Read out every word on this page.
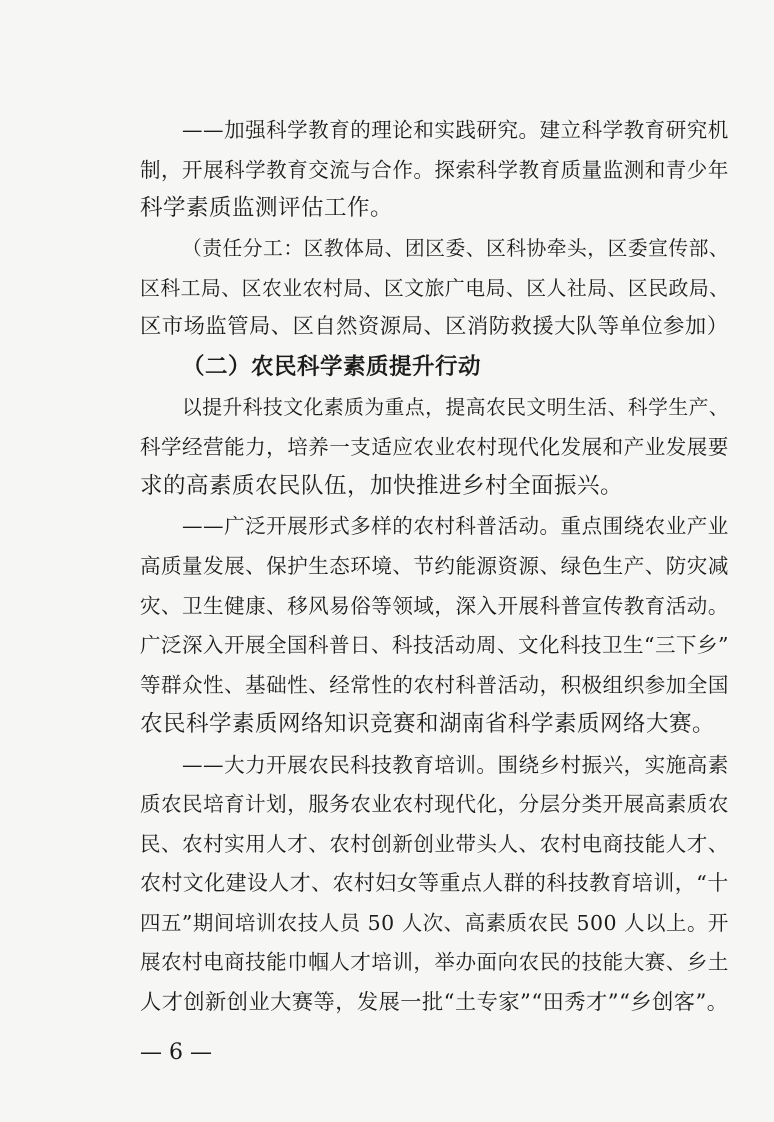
——加强科学教育的理论和实践研究。建立科学教育研究机
制，开展科学教育交流与合作。探索科学教育质量监测和青少年
科学素质监测评估工作。
（责任分工：区教体局、团区委、区科协牵头，区委宣传部、
区科工局、区农业农村局、区文旅广电局、区人社局、区民政局、
区市场监管局、区自然资源局、区消防救援大队等单位参加）
（二）农民科学素质提升行动
以提升科技文化素质为重点，提高农民文明生活、科学生产、
科学经营能力，培养一支适应农业农村现代化发展和产业发展要
求的高素质农民队伍，加快推进乡村全面振兴。
——广泛开展形式多样的农村科普活动。重点围绕农业产业
高质量发展、保护生态环境、节约能源资源、绿色生产、防灾减
灾、卫生健康、移风易俗等领域，深入开展科普宣传教育活动。
广泛深入开展全国科普日、科技活动周、文化科技卫生“三下乡”
等群众性、基础性、经常性的农村科普活动，积极组织参加全国
农民科学素质网络知识竞赛和湖南省科学素质网络大赛。
——大力开展农民科技教育培训。围绕乡村振兴，实施高素
质农民培育计划，服务农业农村现代化，分层分类开展高素质农
民、农村实用人才、农村创新创业带头人、农村电商技能人才、
农村文化建设人才、农村妇女等重点人群的科技教育培训，“十
四五”期间培训农技人员 50 人次、高素质农民 500 人以上。开
展农村电商技能巾帼人才培训，举办面向农民的技能大赛、乡土
人才创新创业大赛等，发展一批“土专家”“田秀才”“乡创客”。
— 6 —
